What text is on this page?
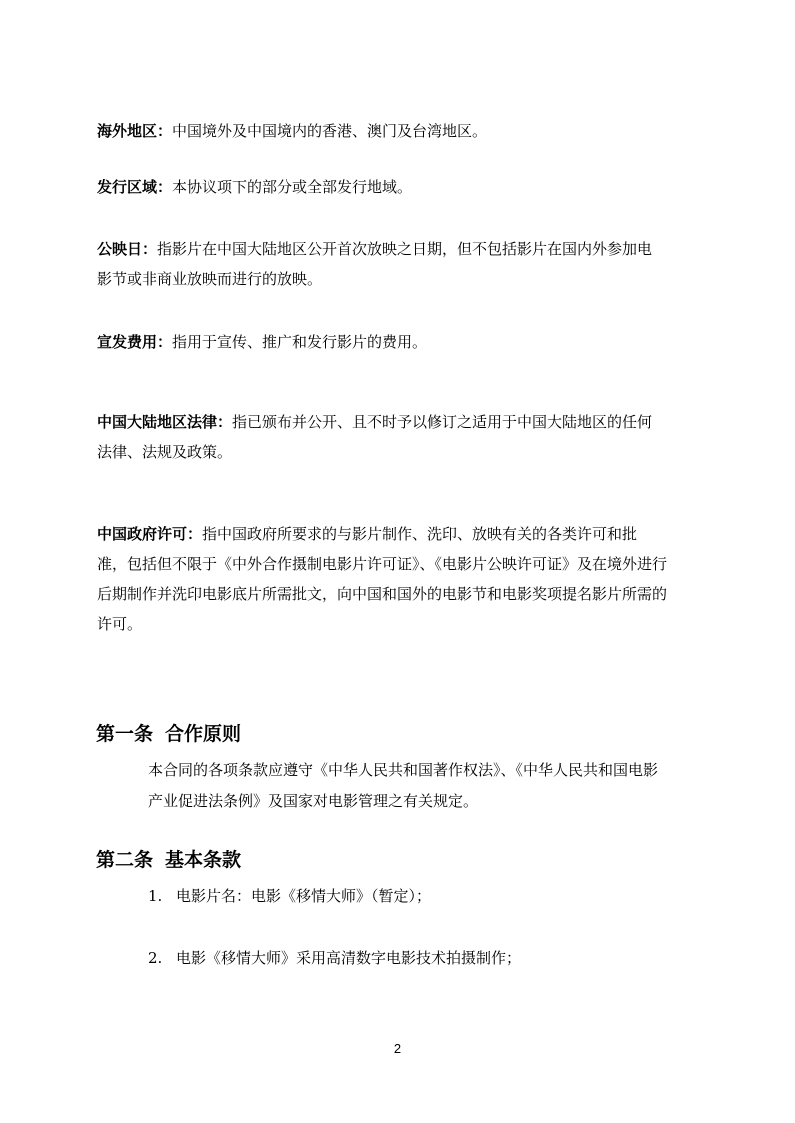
海外地区：中国境外及中国境内的香港、澳门及台湾地区。

发行区域：本协议项下的部分或全部发行地域。

公映日：指影片在中国大陆地区公开首次放映之日期，但不包括影片在国内外参加电影节或非商业放映而进行的放映。

宣发费用：指用于宣传、推广和发行影片的费用。

中国大陆地区法律：指已颁布并公开、且不时予以修订之适用于中国大陆地区的任何法律、法规及政策。

中国政府许可：指中国政府所要求的与影片制作、洗印、放映有关的各类许可和批准，包括但不限于《中外合作摄制电影片许可证》、《电影片公映许可证》及在境外进行后期制作并洗印电影底片所需批文，向中国和国外的电影节和电影奖项提名影片所需的许可。

第一条 合作原则

本合同的各项条款应遵守《中华人民共和国著作权法》、《中华人民共和国电影产业促进法条例》及国家对电影管理之有关规定。

第二条 基本条款

1. 电影片名：电影《移情大师》（暂定）；

2. 电影《移情大师》采用高清数字电影技术拍摄制作；

2
